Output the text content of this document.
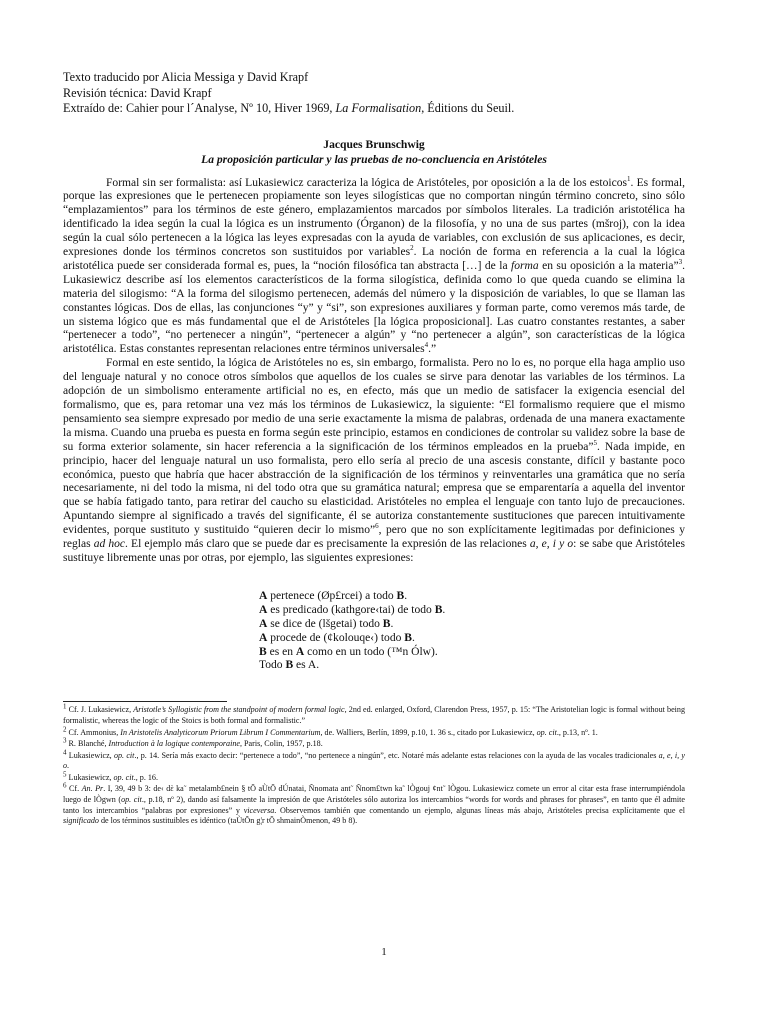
Texto traducido por Alicia Messiga y David Krapf
Revisión técnica: David Krapf
Extraído de: Cahier pour l´Analyse, Nº 10, Hiver 1969, La Formalisation, Éditions du Seuil.
Jacques Brunschwig
La proposición particular y las pruebas de no-concluencia en Aristóteles

Formal sin ser formalista: así Lukasiewicz caracteriza la lógica de Aristóteles, por oposición a la de los estoicos$^1$. Es formal, porque las expresiones que le pertenecen propiamente son leyes silogísticas que no comportan ningún término concreto, sino sólo “emplazamientos” para los términos de este género, emplazamientos marcados por símbolos literales. La tradición aristotélica ha identificado la idea según la cual la lógica es un instrumento (Órganon) de la filosofía, y no una de sus partes (mšroj), con la idea según la cual sólo pertenecen a la lógica las leyes expresadas con la ayuda de variables, con exclusión de sus aplicaciones, es decir, expresiones donde los términos concretos son sustituidos por variables$^2$. La noción de forma en referencia a la cual la lógica aristotélica puede ser considerada formal es, pues, la “noción filosófica tan abstracta […] de la forma en su oposición a la materia”$^3$. Lukasiewicz describe así los elementos característicos de la forma silogística, definida como lo que queda cuando se elimina la materia del silogismo: “A la forma del silogismo pertenecen, además del número y la disposición de variables, lo que se llaman las constantes lógicas. Dos de ellas, las conjunciones “y” y “si”, son expresiones auxiliares y forman parte, como veremos más tarde, de un sistema lógico que es más fundamental que el de Aristóteles [la lógica proposicional]. Las cuatro constantes restantes, a saber “pertenecer a todo”, “no pertenecer a ningún”, “pertenecer a algún” y “no pertenecer a algún”, son características de la lógica aristotélica. Estas constantes representan relaciones entre términos universales$^4$.”

Formal en este sentido, la lógica de Aristóteles no es, sin embargo, formalista. Pero no lo es, no porque ella haga amplio uso del lenguaje natural y no conoce otros símbolos que aquellos de los cuales se sirve para denotar las variables de los términos. La adopción de un simbolismo enteramente artificial no es, en efecto, más que un medio de satisfacer la exigencia esencial del formalismo, que es, para retomar una vez más los términos de Lukasiewicz, la siguiente: “El formalismo requiere que el mismo pensamiento sea siempre expresado por medio de una serie exactamente la misma de palabras, ordenada de una manera exactamente la misma. Cuando una prueba es puesta en forma según este principio, estamos en condiciones de controlar su validez sobre la base de su forma exterior solamente, sin hacer referencia a la significación de los términos empleados en la prueba”$^5$. Nada impide, en principio, hacer del lenguaje natural un uso formalista, pero ello sería al precio de una ascesis constante, difícil y bastante poco económica, puesto que habría que hacer abstracción de la significación de los términos y reinventarles una gramática que no sería necesariamente, ni del todo la misma, ni del todo otra que su gramática natural; empresa que se emparentaría a aquella del inventor que se había fatigado tanto, para retirar del caucho su elasticidad. Aristóteles no emplea el lenguaje con tanto lujo de precauciones. Apuntando siempre al significado a través del significante, él se autoriza constantemente sustituciones que parecen intuitivamente evidentes, porque sustituto y sustituido “quieren decir lo mismo”$^6$, pero que no son explícitamente legitimadas por definiciones y reglas ad hoc. El ejemplo más claro que se puede dar es precisamente la expresión de las relaciones a, e, i y o: se sabe que Aristóteles sustituye libremente unas por otras, por ejemplo, las siguientes expresiones:

A pertenece (Øp£rcei) a todo B.
A es predicado (kathgore‹tai) de todo B.
A se dice de (lšgetai) todo B.
A procede de (¢kolouqe‹) todo B.
B es en A como en un todo (™n Ólw).
Todo B es A.
$^1$ Cf. J. Lukasiewicz, Aristotle’s Syllogistic from the standpoint of modern formal logic, 2nd ed. enlarged, Oxford, Clarendon Press, 1957, p. 15: “The Aristotelian logic is formal without being formalistic, whereas the logic of the Stoics is both formal and formalistic.”
$^2$ Cf. Ammonius, In Aristotelis Analyticorum Priorum Librum I Commentarium, de. Walliers, Berlín, 1899, p.10, 1. 36 s., citado por Lukasiewicz, op. cit., p.13, nº. 1.
$^3$ R. Blanché, Introduction à la logique contemporaine, Paris, Colin, 1957, p.18.
$^4$ Lukasiewicz, op. cit., p. 14. Sería más exacto decir: “pertenece a todo”, “no pertenece a ningún”, etc. Notaré más adelante estas relaciones con la ayuda de las vocales tradicionales a, e, i, y o.
$^5$ Lukasiewicz, op. cit., p. 16.
$^6$ Cf. An. Pr. I, 39, 49 b 3: de‹ dὲ ka˜ metalamb£nein § tÕ aÙtÕ dÚnatai, Ñnomata ant˜ Ñnom£twn ka˜ lÒgouj ¢nt˜ lÒgou. Lukasiewicz comete un error al citar esta frase interrumpiéndola luego de lÒgwn (op. cit., p.18, nº 2), dando así falsamente la impresión de que Aristóteles sólo autoriza los intercambios “words for words and phrases for phrases”, en tanto que él admite tanto los intercambios “palabras por expresiones” y viceversa. Observemos también que comentando un ejemplo, algunas líneas más abajo, Aristóteles precisa explícitamente que el significado de los términos sustituibles es idéntico (taÙtÕn g¦r tÕ shmainÒmenon, 49 b 8).
1
